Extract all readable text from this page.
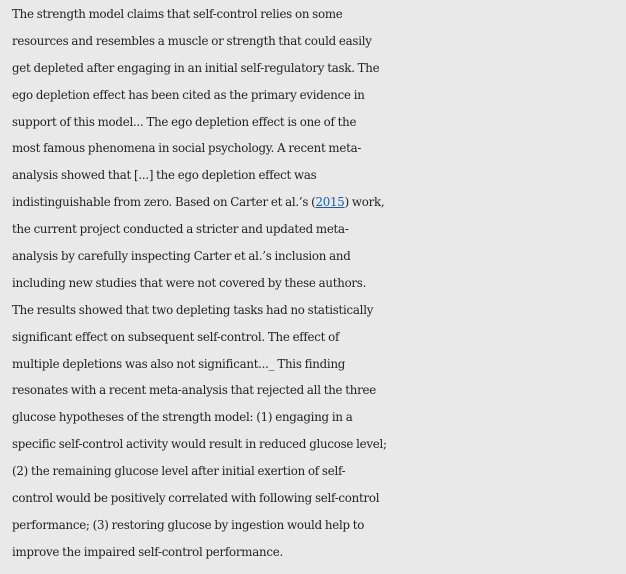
The strength model claims that self-control relies on some
resources and resembles a muscle or strength that could easily
get depleted after engaging in an initial self-regulatory task. The
ego depletion effect has been cited as the primary evidence in
support of this model... The ego depletion effect is one of the
most famous phenomena in social psychology. A recent meta-
analysis showed that [...] the ego depletion effect was
indistinguishable from zero. Based on Carter et al.’s (2015) work,
the current project conducted a stricter and updated meta-
analysis by carefully inspecting Carter et al.’s inclusion and
including new studies that were not covered by these authors.
The results showed that two depleting tasks had no statistically
significant effect on subsequent self-control. The effect of
multiple depletions was also not significant..._ This finding
resonates with a recent meta-analysis that rejected all the three
glucose hypotheses of the strength model: (1) engaging in a
specific self-control activity would result in reduced glucose level;
(2) the remaining glucose level after initial exertion of self-
control would be positively correlated with following self-control
performance; (3) restoring glucose by ingestion would help to
improve the impaired self-control performance.
